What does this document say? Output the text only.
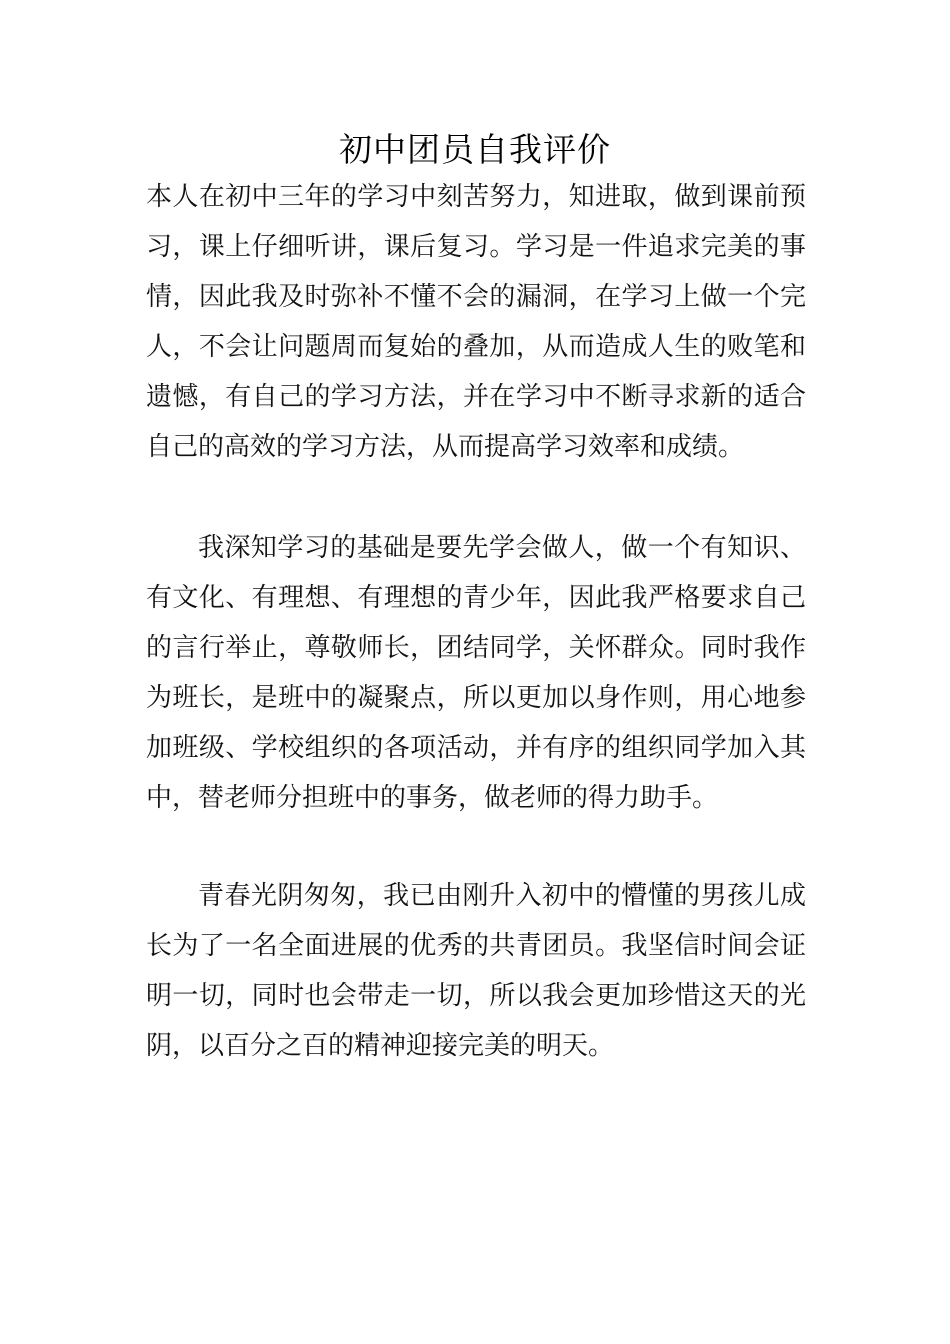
初中团员自我评价
本人在初中三年的学习中刻苦努力，知进取，做到课前预
习，课上仔细听讲，课后复习。学习是一件追求完美的事
情，因此我及时弥补不懂不会的漏洞，在学习上做一个完
人，不会让问题周而复始的叠加，从而造成人生的败笔和
遗憾，有自己的学习方法，并在学习中不断寻求新的适合
自己的高效的学习方法，从而提高学习效率和成绩。
我深知学习的基础是要先学会做人，做一个有知识、
有文化、有理想、有理想的青少年，因此我严格要求自己
的言行举止，尊敬师长，团结同学，关怀群众。同时我作
为班长，是班中的凝聚点，所以更加以身作则，用心地参
加班级、学校组织的各项活动，并有序的组织同学加入其
中，替老师分担班中的事务，做老师的得力助手。
青春光阴匆匆，我已由刚升入初中的懵懂的男孩儿成
长为了一名全面进展的优秀的共青团员。我坚信时间会证
明一切，同时也会带走一切，所以我会更加珍惜这天的光
阴，以百分之百的精神迎接完美的明天。
